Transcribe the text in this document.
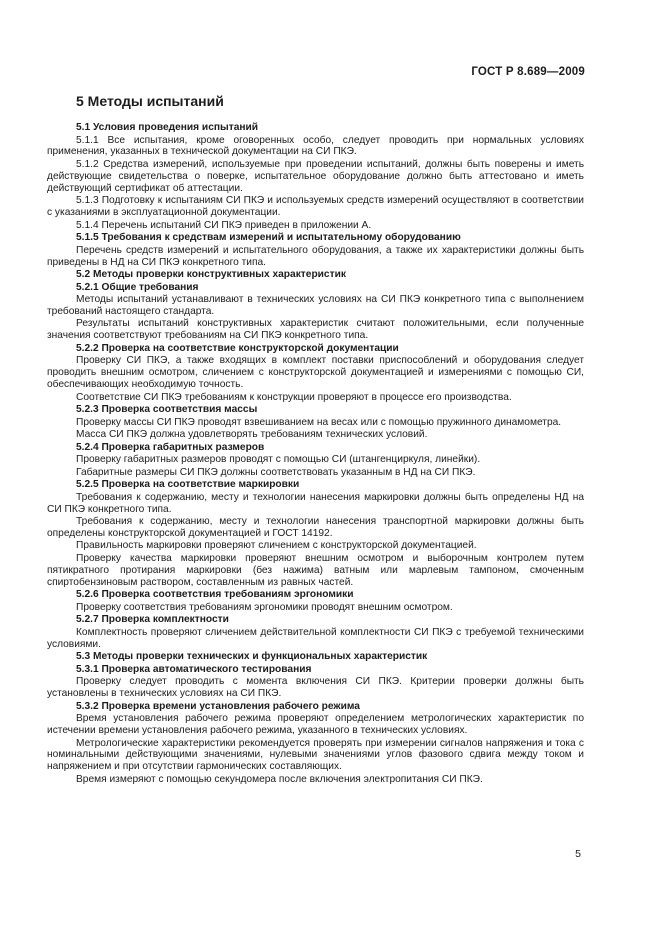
ГОСТ Р 8.689—2009
5 Методы испытаний
5.1 Условия проведения испытаний
5.1.1 Все испытания, кроме оговоренных особо, следует проводить при нормальных условиях применения, указанных в технической документации на СИ ПКЭ.
5.1.2 Средства измерений, используемые при проведении испытаний, должны быть поверены и иметь действующие свидетельства о поверке, испытательное оборудование должно быть аттестовано и иметь действующий сертификат об аттестации.
5.1.3 Подготовку к испытаниям СИ ПКЭ и используемых средств измерений осуществляют в соответствии с указаниями в эксплуатационной документации.
5.1.4 Перечень испытаний СИ ПКЭ приведен в приложении А.
5.1.5 Требования к средствам измерений и испытательному оборудованию
Перечень средств измерений и испытательного оборудования, а также их характеристики должны быть приведены в НД на СИ ПКЭ конкретного типа.
5.2 Методы проверки конструктивных характеристик
5.2.1 Общие требования
Методы испытаний устанавливают в технических условиях на СИ ПКЭ конкретного типа с выполнением требований настоящего стандарта.
Результаты испытаний конструктивных характеристик считают положительными, если полученные значения соответствуют требованиям на СИ ПКЭ конкретного типа.
5.2.2 Проверка на соответствие конструкторской документации
Проверку СИ ПКЭ, а также входящих в комплект поставки приспособлений и оборудования следует проводить внешним осмотром, сличением с конструкторской документацией и измерениями с помощью СИ, обеспечивающих необходимую точность.
Соответствие СИ ПКЭ требованиям к конструкции проверяют в процессе его производства.
5.2.3 Проверка соответствия массы
Проверку массы СИ ПКЭ проводят взвешиванием на весах или с помощью пружинного динамометра.
Масса СИ ПКЭ должна удовлетворять требованиям технических условий.
5.2.4 Проверка габаритных размеров
Проверку габаритных размеров проводят с помощью СИ (штангенциркуля, линейки).
Габаритные размеры СИ ПКЭ должны соответствовать указанным в НД на СИ ПКЭ.
5.2.5 Проверка на соответствие маркировки
Требования к содержанию, месту и технологии нанесения маркировки должны быть определены НД на СИ ПКЭ конкретного типа.
Требования к содержанию, месту и технологии нанесения транспортной маркировки должны быть определены конструкторской документацией и ГОСТ 14192.
Правильность маркировки проверяют сличением с конструкторской документацией.
Проверку качества маркировки проверяют внешним осмотром и выборочным контролем путем пятикратного протирания маркировки (без нажима) ватным или марлевым тампоном, смоченным спиртобензиновым раствором, составленным из равных частей.
5.2.6 Проверка соответствия требованиям эргономики
Проверку соответствия требованиям эргономики проводят внешним осмотром.
5.2.7 Проверка комплектности
Комплектность проверяют сличением действительной комплектности СИ ПКЭ с требуемой техническими условиями.
5.3 Методы проверки технических и функциональных характеристик
5.3.1 Проверка автоматического тестирования
Проверку следует проводить с момента включения СИ ПКЭ. Критерии проверки должны быть установлены в технических условиях на СИ ПКЭ.
5.3.2 Проверка времени установления рабочего режима
Время установления рабочего режима проверяют определением метрологических характеристик по истечении времени установления рабочего режима, указанного в технических условиях.
Метрологические характеристики рекомендуется проверять при измерении сигналов напряжения и тока с номинальными действующими значениями, нулевыми значениями углов фазового сдвига между током и напряжением и при отсутствии гармонических составляющих.
Время измеряют с помощью секундомера после включения электропитания СИ ПКЭ.
5
